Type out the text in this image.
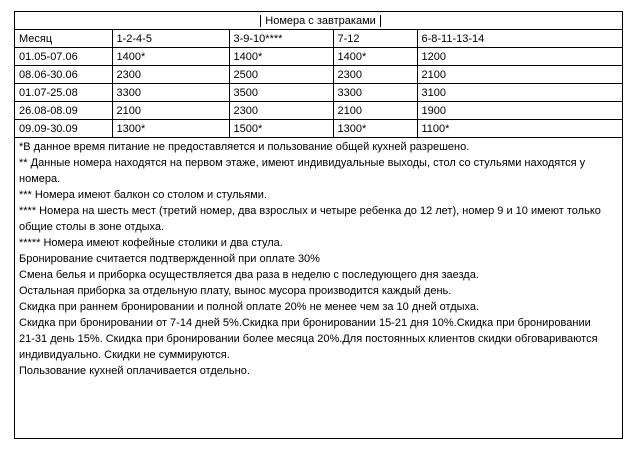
Номера с завтраками				
Месяц	1-2-4-5	3-9-10****	7-12	6-8-11-13-14
01.05-07.06	1400*	1400*	1400*	1200
08.06-30.06	2300	2500	2300	2100
01.07-25.08	3300	3500	3300	3100
26.08-08.09	2100	2300	2100	1900
09.09-30.09	1300*	1500*	1300*	1100*

*В данное время питание не предоставляется и пользование общей кухней разрешено.

** Данные номера находятся на первом этаже, имеют индивидуальные выходы, стол со стульями находятся у номера.

*** Номера имеют балкон со столом и стульями.

**** Номера на шесть мест (третий номер, два взрослых и четыре ребенка до 12 лет), номер 9 и 10 имеют только общие столы в зоне отдыха.

***** Номера имеют кофейные столики и два стула.

Бронирование считается подтвержденной при оплате 30%

Смена белья и приборка осуществляется два раза в неделю с последующего дня заезда.

Остальная приборка за отдельную плату, вынос мусора производится каждый день.

Скидка при раннем бронировании и полной оплате 20% не менее чем за 10 дней отдыха.

Скидка при бронировании от 7-14 дней 5%.Скидка при бронировании 15-21 дня 10%.Скидка при бронировании 21-31 день 15%. Скидка при бронировании более месяца 20%.Для постоянных клиентов скидки обговариваются индивидуально. Скидки не суммируются.

Пользование кухней оплачивается отдельно.
